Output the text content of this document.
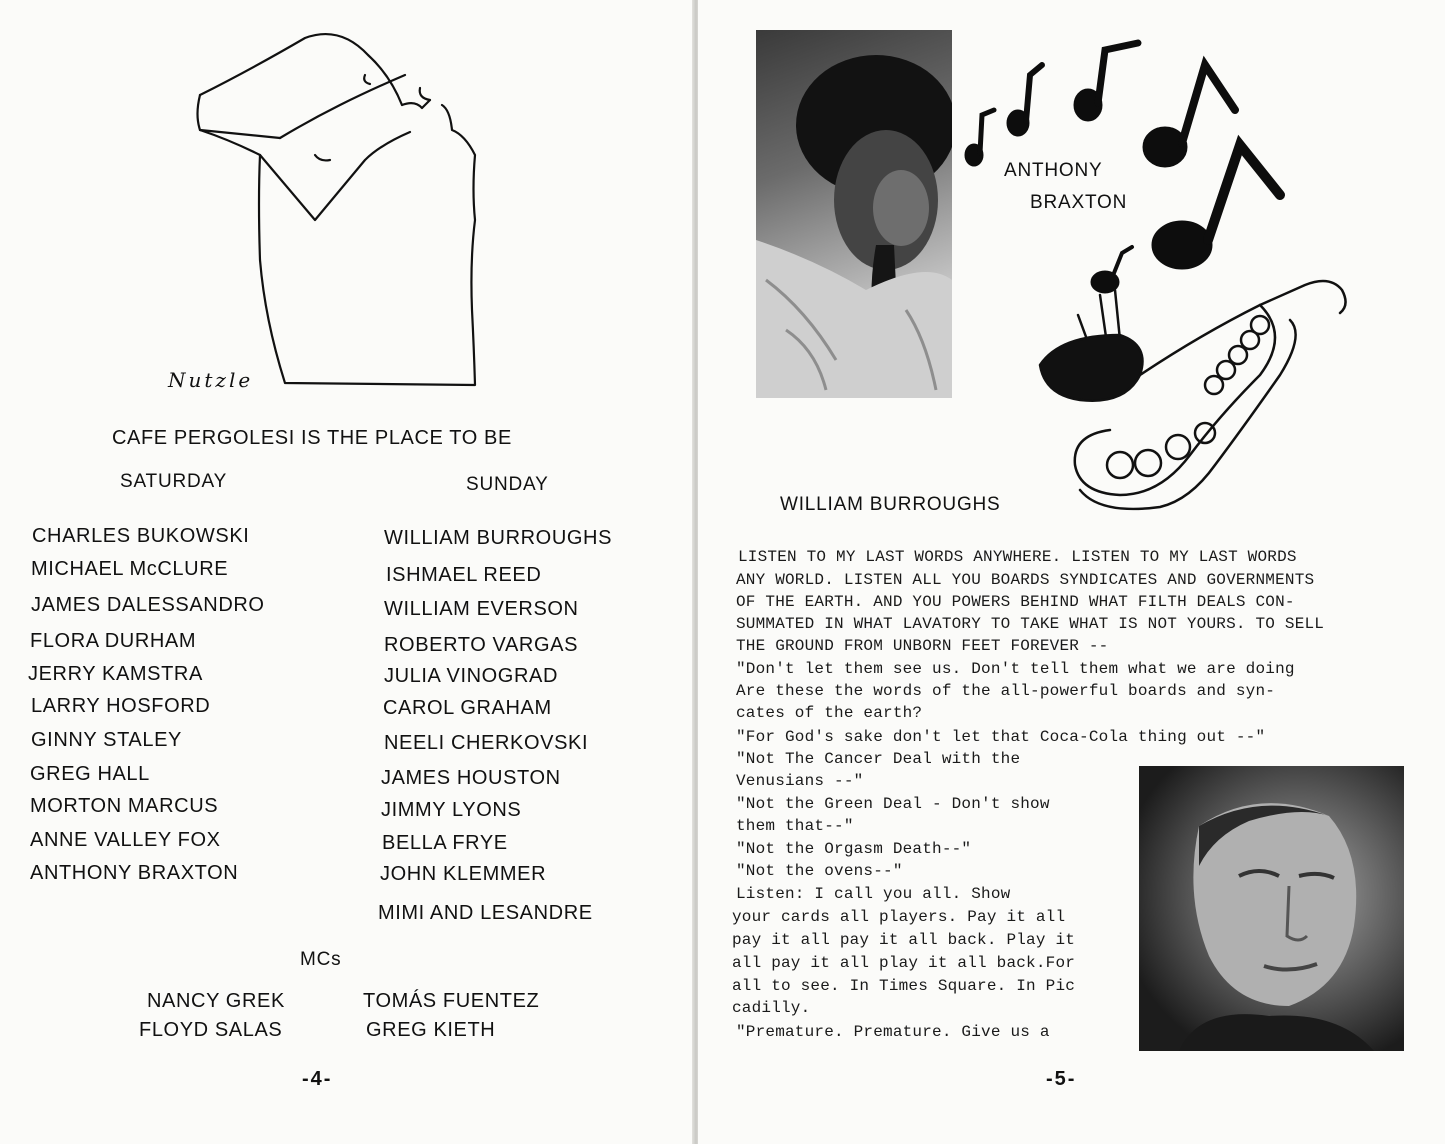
Nutzle
CAFE PERGOLESI IS THE PLACE TO BE
SATURDAY	SUNDAY
CHARLES BUKOWSKI
MICHAEL McCLURE
JAMES DALESSANDRO
FLORA DURHAM
JERRY KAMSTRA
LARRY HOSFORD
GINNY STALEY
GREG HALL
MORTON MARCUS
ANNE VALLEY FOX
ANTHONY BRAXTON
WILLIAM BURROUGHS
ISHMAEL REED
WILLIAM EVERSON
ROBERTO VARGAS
JULIA VINOGRAD
CAROL GRAHAM
NEELI CHERKOVSKI
JAMES HOUSTON
JIMMY LYONS
BELLA FRYE
JOHN KLEMMER
MIMI AND LESANDRE
MCs
NANCY GREK
FLOYD SALAS
TOMÁS FUENTEZ
GREG KIETH
-4-
ANTHONY
BRAXTON
WILLIAM BURROUGHS
LISTEN TO MY LAST WORDS ANYWHERE. LISTEN TO MY LAST WORDS
ANY WORLD. LISTEN ALL YOU BOARDS SYNDICATES AND GOVERNMENTS
OF THE EARTH. AND YOU POWERS BEHIND WHAT FILTH DEALS CON-
SUMMATED IN WHAT LAVATORY TO TAKE WHAT IS NOT YOURS. TO SELL
THE GROUND FROM UNBORN FEET FOREVER --
"Don't let them see us. Don't tell them what we are doing
Are these the words of the all-powerful boards and syn-
cates of the earth?
"For God's sake don't let that Coca-Cola thing out --"
"Not The Cancer Deal with the
Venusians --"
"Not the Green Deal - Don't show
them that--"
"Not the Orgasm Death--"
"Not the ovens--"
Listen: I call you all. Show
your cards all players. Pay it all
pay it all pay it all back. Play it
all pay it all play it all back.For
all to see. In Times Square. In Pic
cadilly.
"Premature. Premature. Give us a
-5-
